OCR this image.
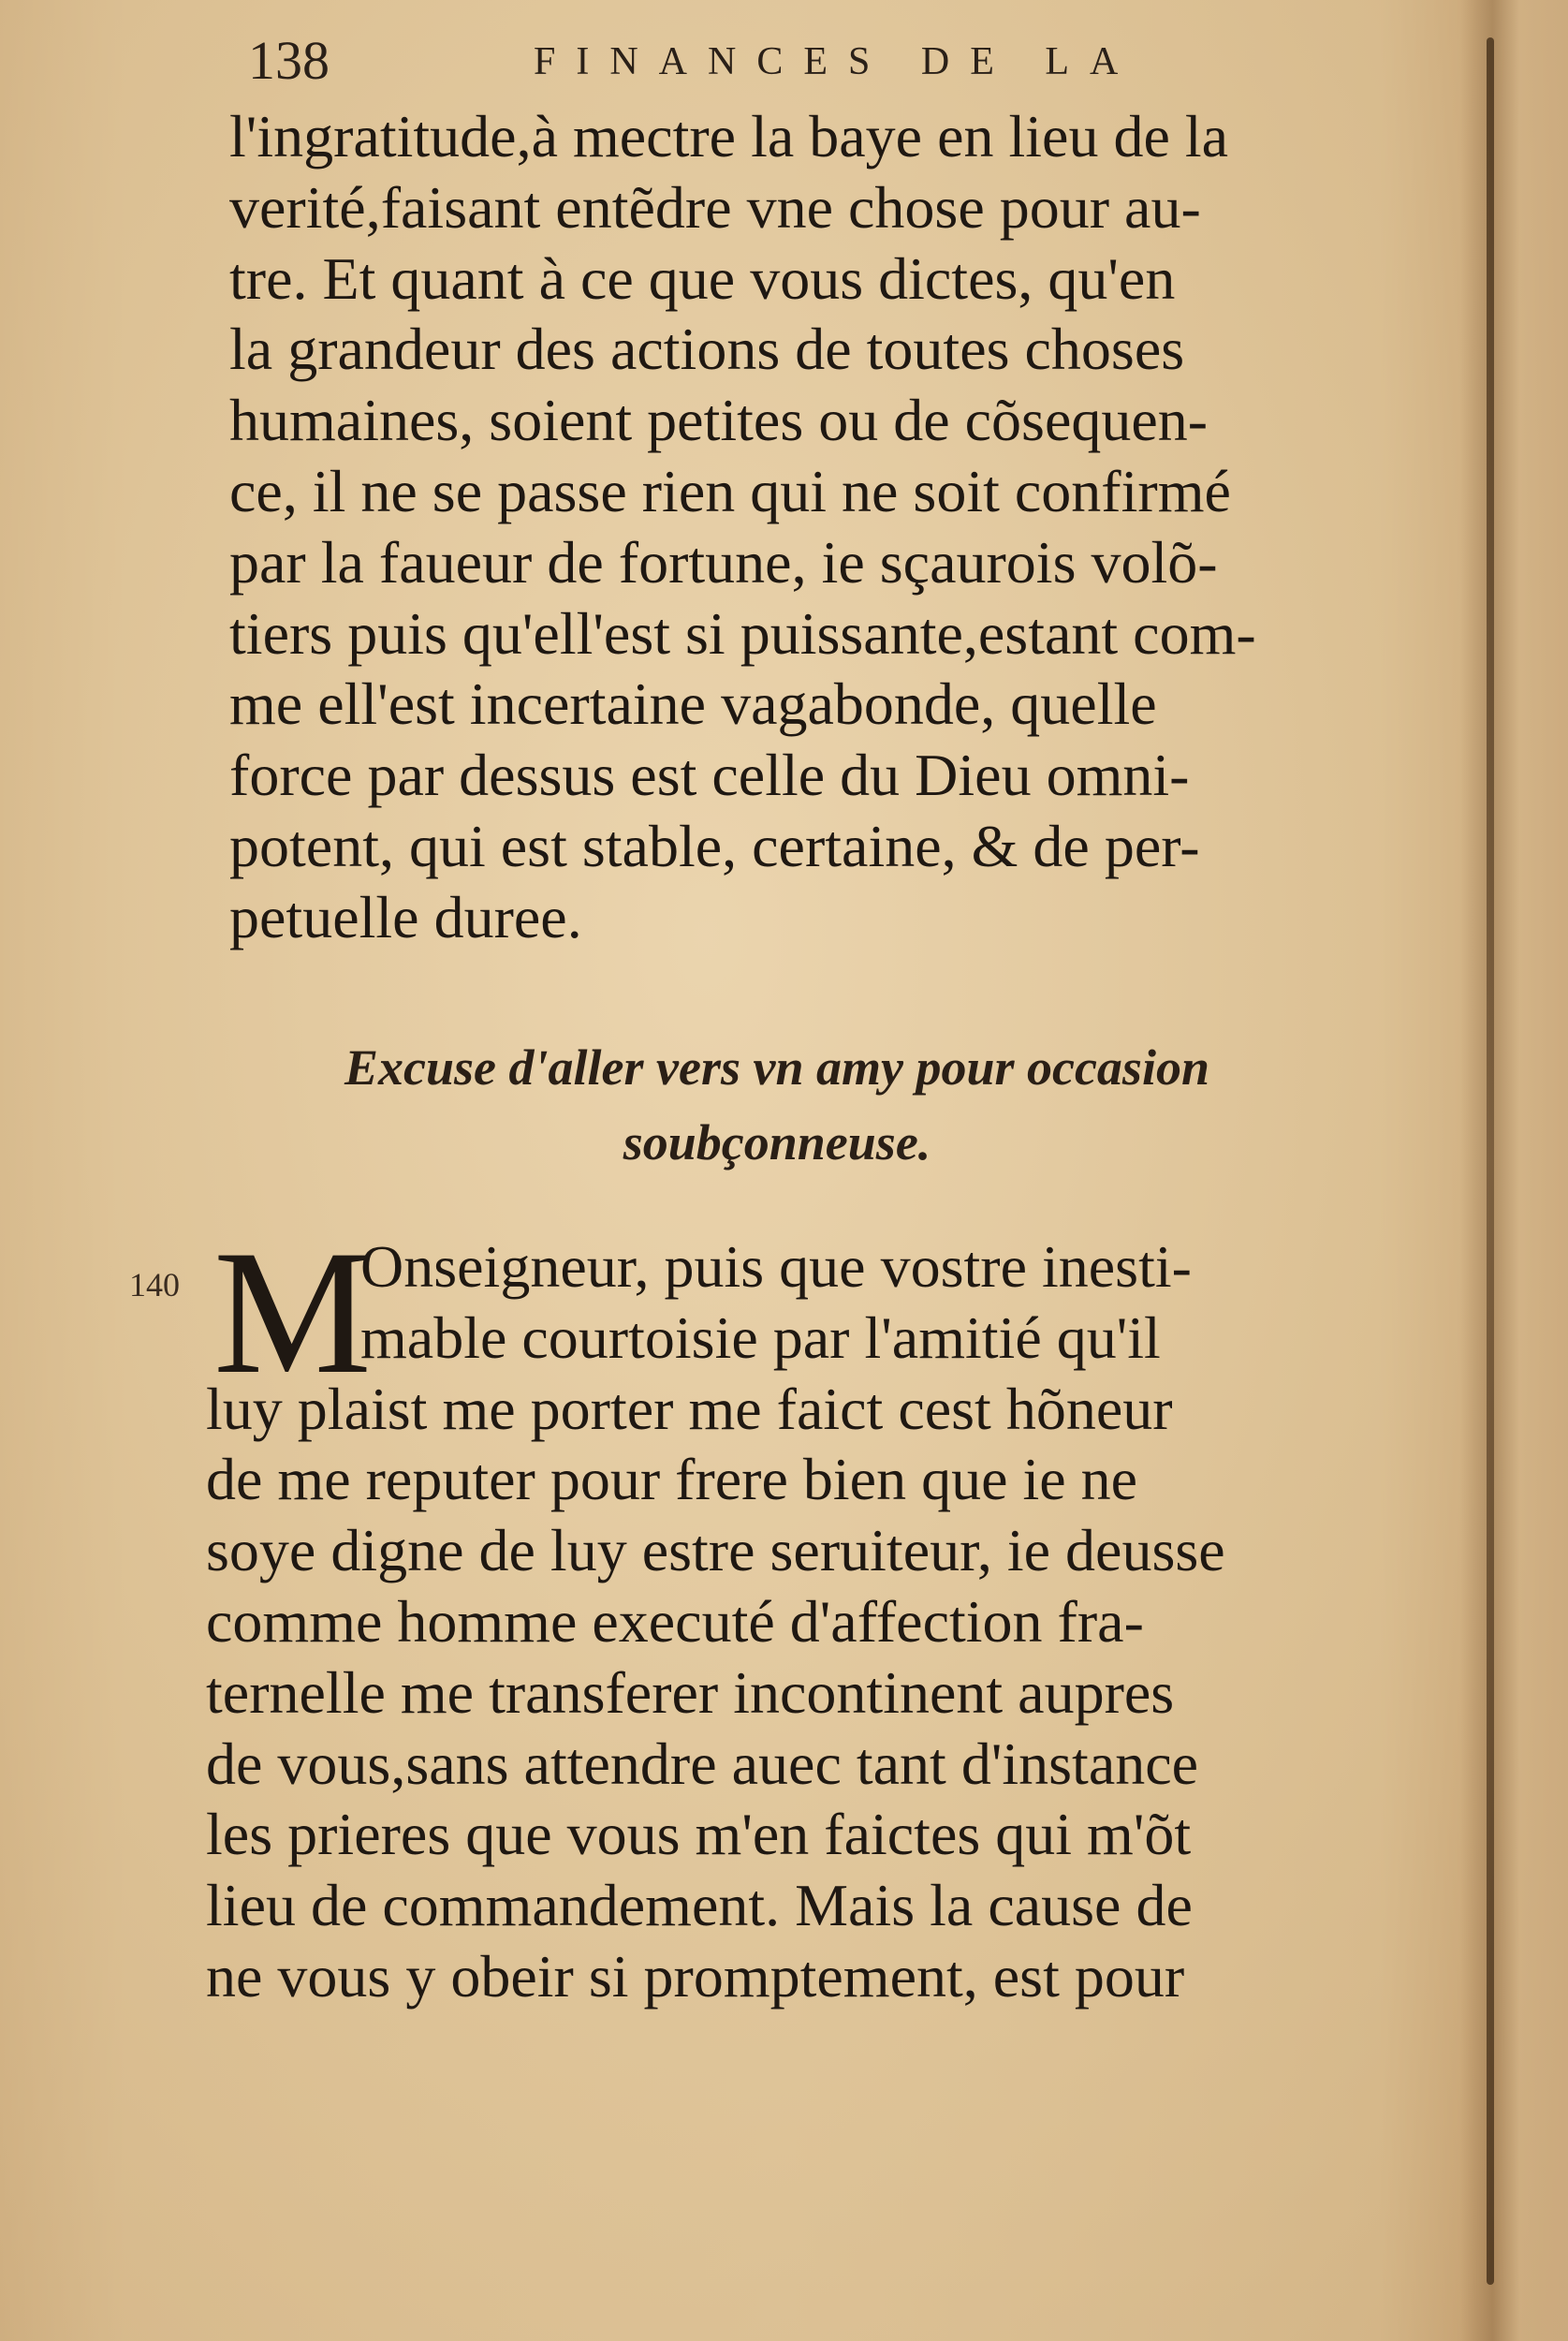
138	FINANCES DE LA
l'ingratitude,à mectre la baye en lieu de la
verité,faisant entẽdre vne chose pour au-
tre. Et quant à ce que vous dictes, qu'en
la grandeur des actions de toutes choses
humaines, soient petites ou de cõsequen-
ce, il ne se passe rien qui ne soit confirmé
par la faueur de fortune, ie sçaurois volõ-
tiers puis qu'ell'est si puissante,estant com-
me ell'est incertaine vagabonde, quelle
force par dessus est celle du Dieu omni-
potent, qui est stable, certaine, & de per-
petuelle duree.
Excuse d'aller vers vn amy pour occasion
soubçonneuse.
140 M
Onseigneur, puis que vostre inesti-
mable courtoisie par l'amitié qu'il
luy plaist me porter me faict cest hõneur
de me reputer pour frere bien que ie ne
soye digne de luy estre seruiteur, ie deusse
comme homme executé d'affection fra-
ternelle me transferer incontinent aupres
de vous,sans attendre auec tant d'instance
les prieres que vous m'en faictes qui m'õt
lieu de commandement. Mais la cause de
ne vous y obeir si promptement, est pour
